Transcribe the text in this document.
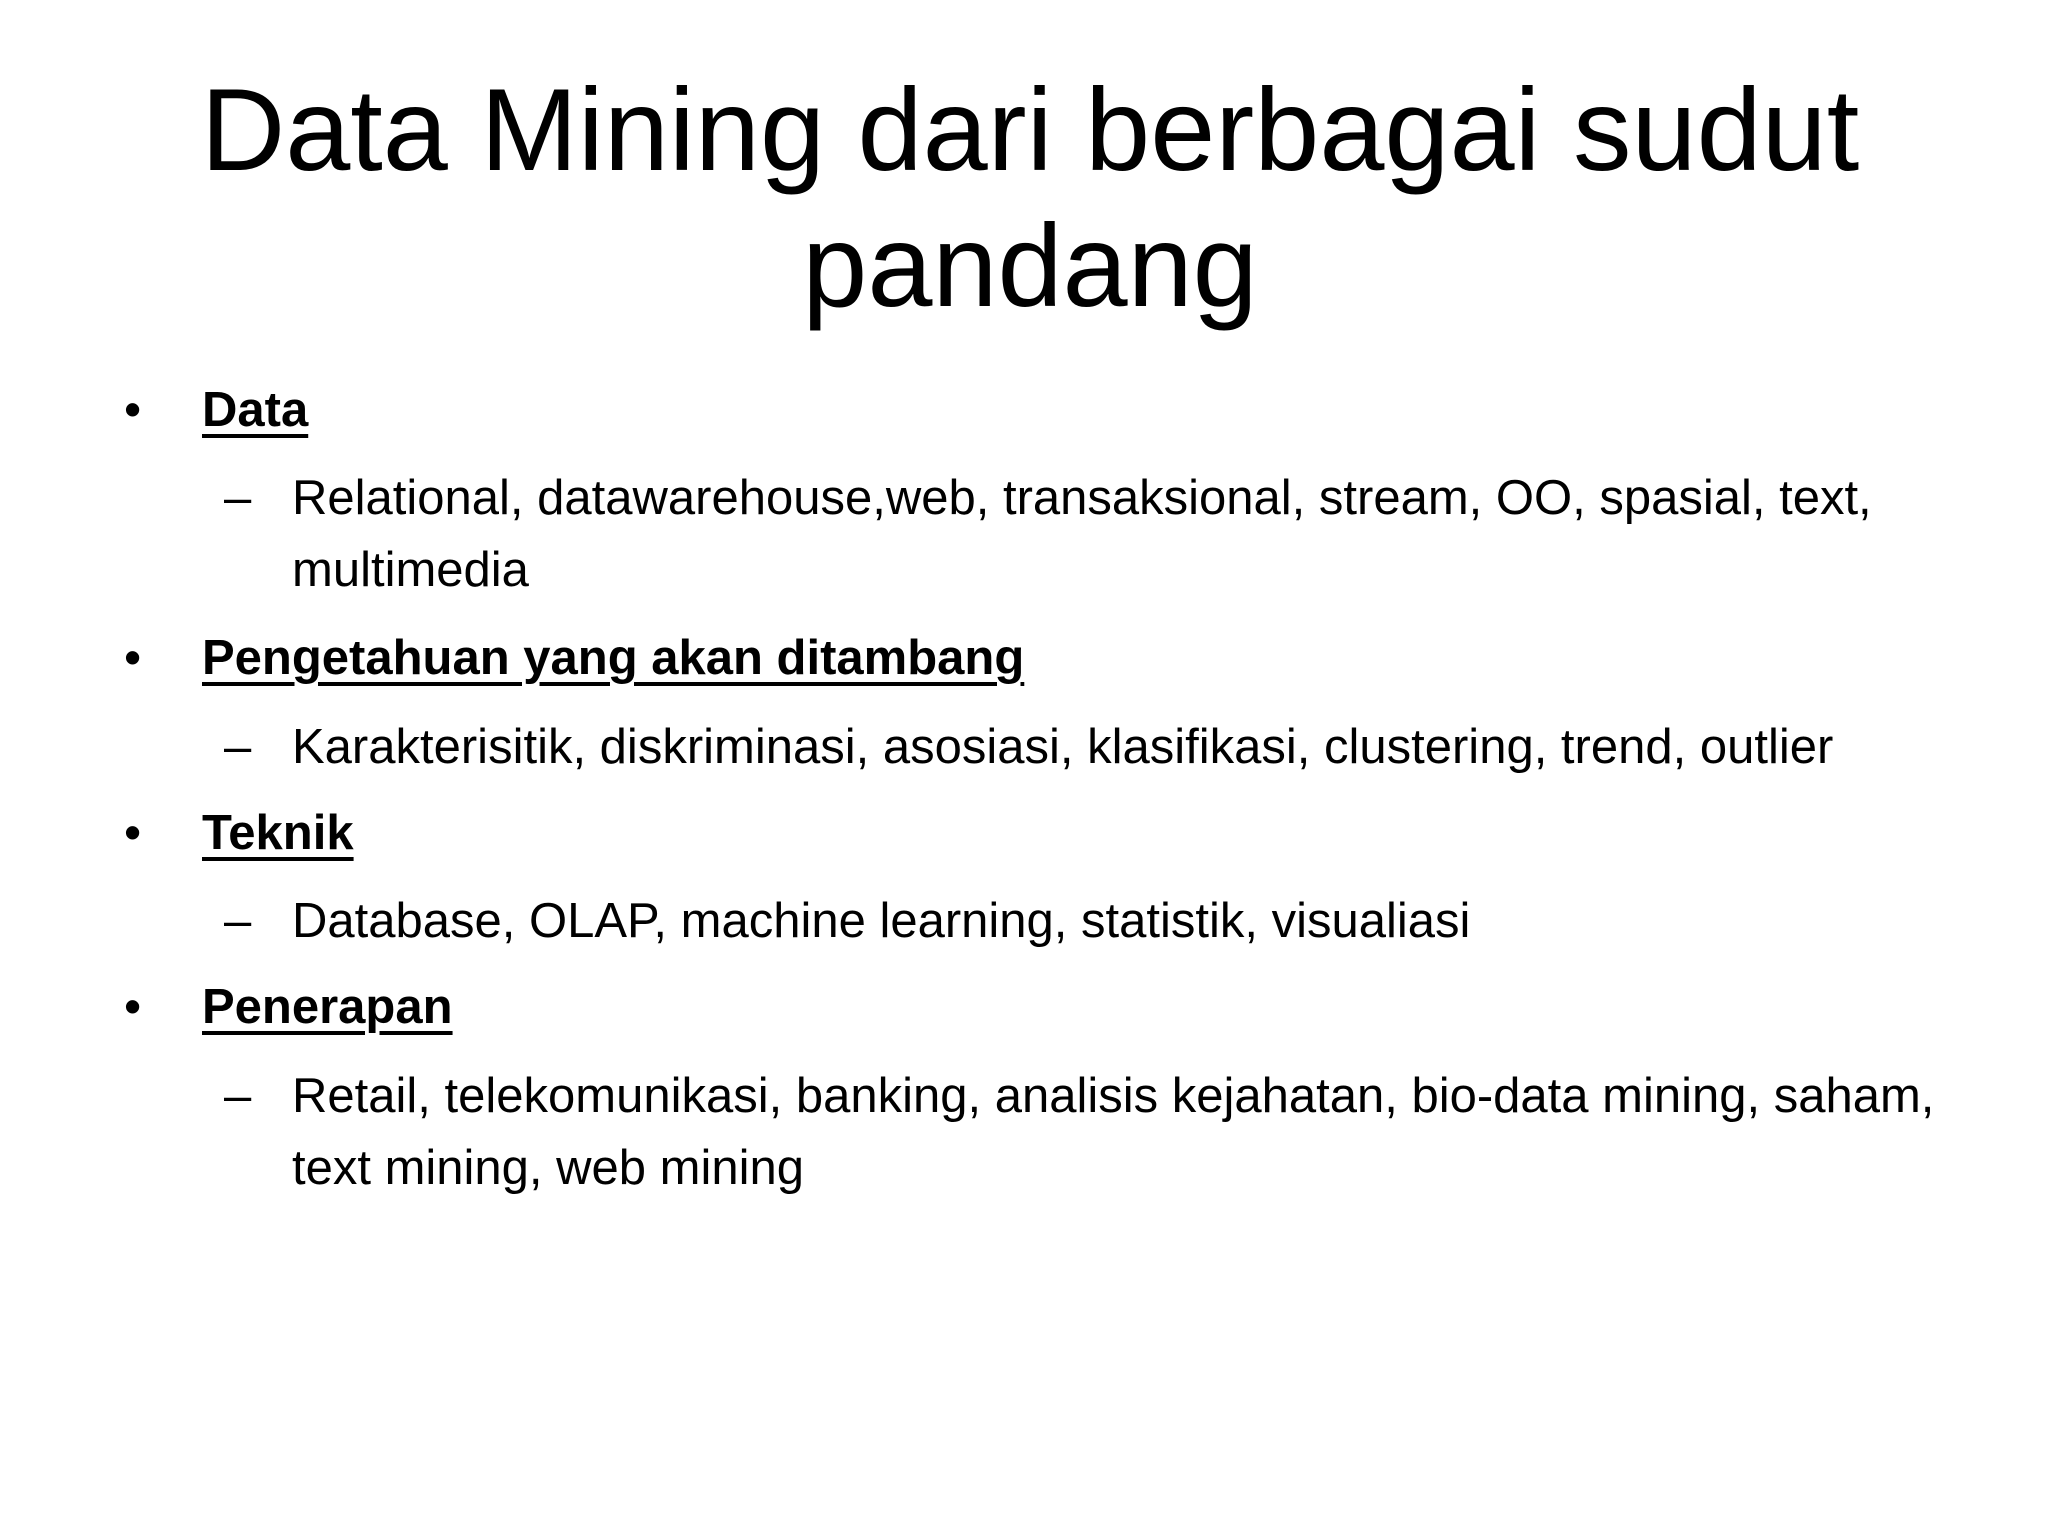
Data Mining dari berbagai sudut pandang
• Data
– Relational, datawarehouse,web, transaksional, stream, OO, spasial, text, multimedia
• Pengetahuan yang akan ditambang
– Karakterisitik, diskriminasi, asosiasi, klasifikasi, clustering, trend, outlier
• Teknik
– Database, OLAP, machine learning, statistik, visualiasi
• Penerapan
– Retail, telekomunikasi, banking, analisis kejahatan, bio-data mining, saham, text mining, web mining
